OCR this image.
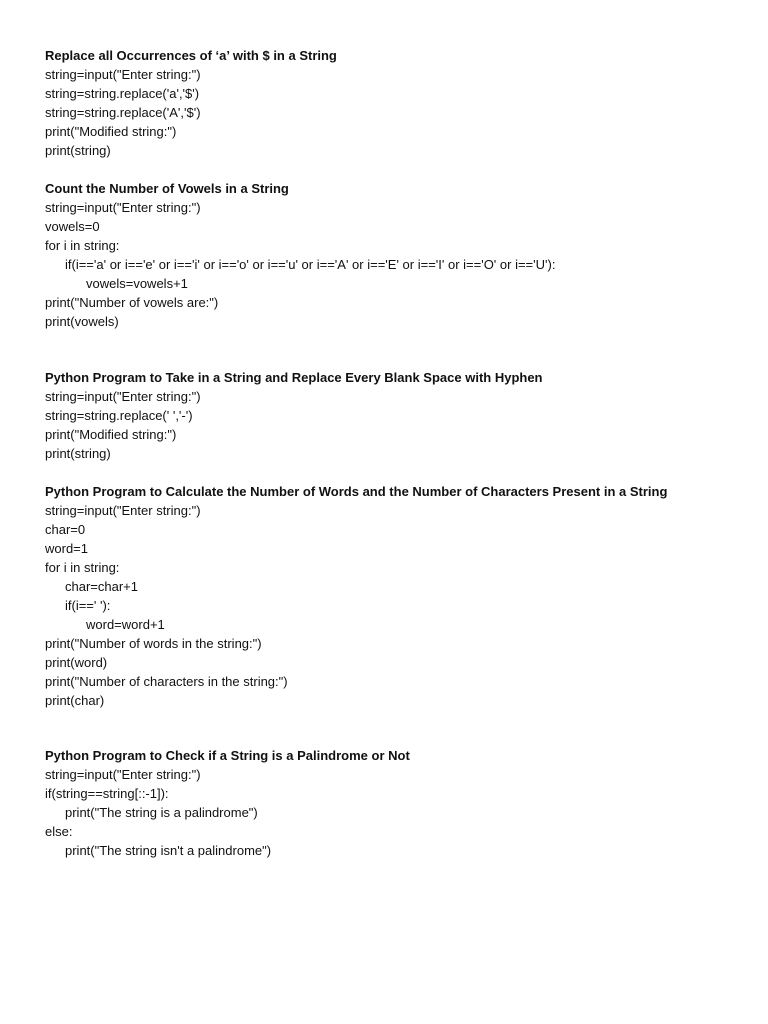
Replace all Occurrences of ‘a’ with $ in a String
string=input("Enter string:")
string=string.replace('a','$')
string=string.replace('A','$')
print("Modified string:")
print(string)
Count the Number of Vowels in a String
string=input("Enter string:")
vowels=0
for i in string:
if(i=='a' or i=='e' or i=='i' or i=='o' or i=='u' or i=='A' or i=='E' or i=='I' or i=='O' or i=='U'):
vowels=vowels+1
print("Number of vowels are:")
print(vowels)
Python Program to Take in a String and Replace Every Blank Space with Hyphen
string=input("Enter string:")
string=string.replace(' ','-')
print("Modified string:")
print(string)
Python Program to Calculate the Number of Words and the Number of Characters Present in a String
string=input("Enter string:")
char=0
word=1
for i in string:
char=char+1
if(i==' '):
word=word+1
print("Number of words in the string:")
print(word)
print("Number of characters in the string:")
print(char)
Python Program to Check if a String is a Palindrome or Not
string=input("Enter string:")
if(string==string[::-1]):
print("The string is a palindrome")
else:
print("The string isn't a palindrome")
